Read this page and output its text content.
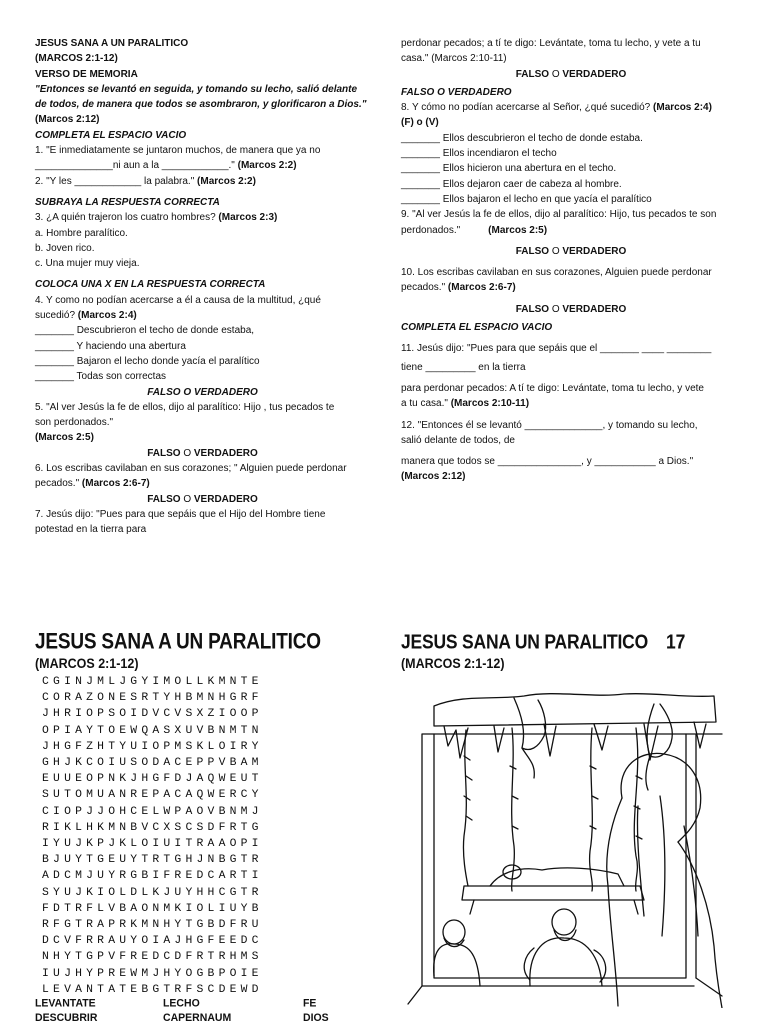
JESUS SANA A UN PARALITICO

(MARCOS 2:1-12)

VERSO DE MEMORIA

"Entonces se levantó en seguida, y tomando su lecho, salió delante de todos, de manera que todos se asombraron, y glorificaron a Dios." (Marcos 2:12)

COMPLETA EL ESPACIO VACIO

1. "E inmediatamente se juntaron muchos, de manera que ya no

______________ni aun a la ____________." (Marcos 2:2)

2. "Y les ____________ la palabra." (Marcos 2:2)

SUBRAYA LA RESPUESTA CORRECTA

3. ¿A quién trajeron los cuatro hombres? (Marcos 2:3)

a. Hombre paralítico.

b. Joven rico.

c. Una mujer muy vieja.

COLOCA UNA X EN LA RESPUESTA CORRECTA

4. Y como no podían acercarse a él a causa de la multitud, ¿qué

sucedió? (Marcos 2:4)

_______ Descubrieron el techo de donde estaba,

_______ Y haciendo una abertura

_______ Bajaron el lecho donde yacía el paralítico

_______ Todas son correctas

FALSO O VERDADERO

5. "Al ver Jesús la fe de ellos, dijo al paralítico: Hijo , tus pecados te

son perdonados."

(Marcos 2:5)

FALSO O VERDADERO

6. Los escribas cavilaban en sus corazones; " Alguien puede perdonar

pecados." (Marcos 2:6-7)

FALSO O VERDADERO

7. Jesús dijo: "Pues para que sepáis que el Hijo del Hombre tiene

potestad en la tierra para

perdonar pecados; a tí te digo: Levántate, toma tu lecho, y vete a tu

casa." (Marcos 2:10-11)

FALSO O VERDADERO

FALSO O VERDADERO

8. Y cómo no podían acercarse al Señor, ¿qué sucedió? (Marcos 2:4)

(F) o (V)

_______ Ellos descubrieron el techo de donde estaba.

_______ Ellos incendiaron el techo

_______ Ellos hicieron una abertura en el techo.

_______ Ellos dejaron caer de cabeza al hombre.

_______ Ellos bajaron el lecho en que yacía el paralítico

9. "Al ver Jesús la fe de ellos, dijo al paralítico: Hijo, tus pecados te son

perdonados."	(Marcos 2:5)

FALSO O VERDADERO

10. Los escribas cavilaban en sus corazones, Alguien puede perdonar

pecados." (Marcos 2:6-7)

FALSO O VERDADERO

COMPLETA EL ESPACIO VACIO

11. Jesús dijo: "Pues para que sepáis que el _______ ____ ________

tiene _________ en la tierra

para perdonar pecados: A tí te digo: Levántate, toma tu lecho, y vete

a tu casa." (Marcos 2:10-11)

12. "Entonces él se levantó ______________, y tomando su lecho,

salió delante de todos, de

manera que todos se _______________, y ___________ a Dios."

(Marcos 2:12)

JESUS SANA A UN PARALITICO
(MARCOS 2:1-12)
CGINJMLJGYIMOLLKMNTE
CORAZONESRTYHBMNHGRF
JHRIOPSOIDVCVSXZIOOP
OPIAYTOEWQASXUVBNMTN
JHGFZHTYUIOPMSKLOIRY
GHJKCOIUSODACEPPVBAM
EUUEOPNKJHGFDJAQWEUT
SUTOMUANREPACAQWERCY
CIOPJJOHCELWPAOVBNMJ
RIKLHKMNBVCXSCSDFRTG
IYUJKPJKLOIUITRAAOPI
BJUYTGEUYTRTGHJNBGTR
ADCMJUYRGBIFREDCARTI
SYUJKIOLDLKJUYHHCGTR
FDTRFLVBAONMKIOLIUYB
RFGTRAPRKMNHYTGBDFRU
DCVFRRAUYOIAJHGFEEDC
NHYTGPVFREDCDFRTRHMS
IUJHYPREWMJHYOGBPOIE
LEVANTATEBGTRFSCDEWD
LEVANTATE	LECHO	FE
DESCUBRIR	CAPERNAUM	DIOS
JESUS SANA UN PARALITICO 17
(MARCOS 2:1-12)
